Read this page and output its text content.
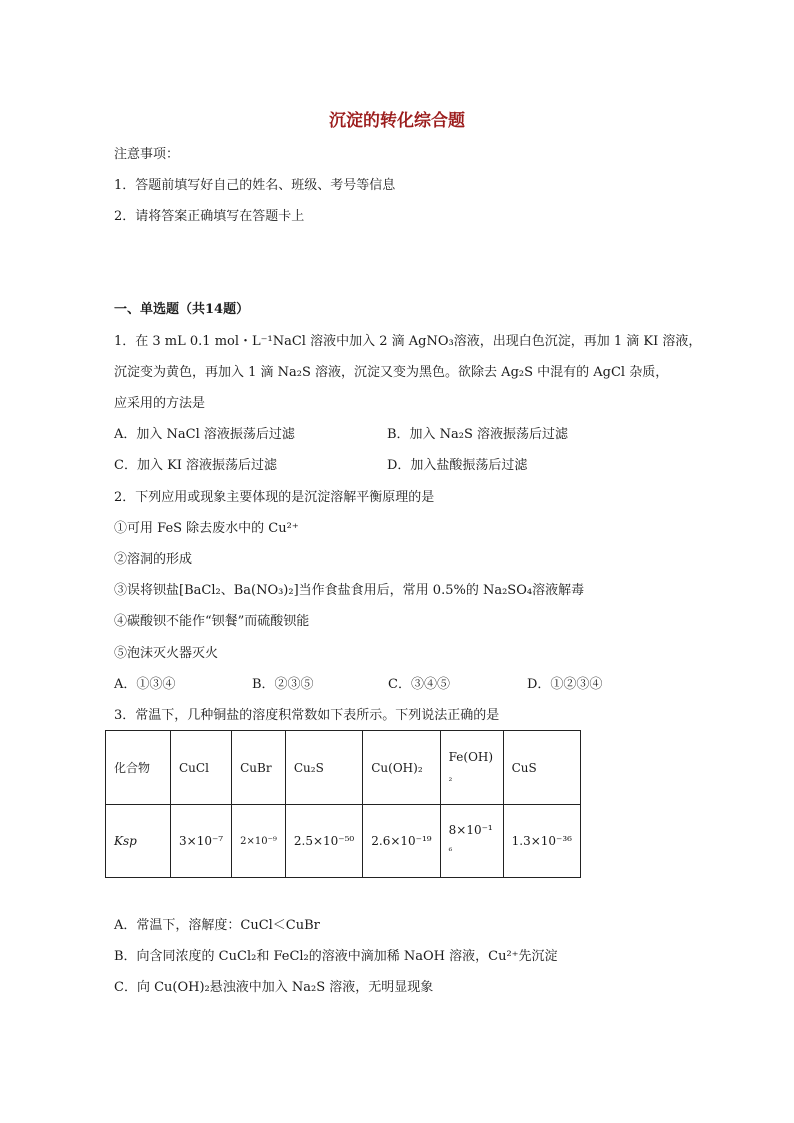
沉淀的转化综合题
注意事项：
1．答题前填写好自己的姓名、班级、考号等信息
2．请将答案正确填写在答题卡上
一、单选题（共14题）
1．在 3 mL 0.1 mol・L⁻¹NaCl 溶液中加入 2 滴 AgNO₃溶液，出现白色沉淀，再加 1 滴 KI 溶液，
沉淀变为黄色，再加入 1 滴 Na₂S 溶液，沉淀又变为黑色。欲除去 Ag₂S 中混有的 AgCl 杂质，
应采用的方法是
A．加入 NaCl 溶液振荡后过滤	B．加入 Na₂S 溶液振荡后过滤
C．加入 KI 溶液振荡后过滤	D．加入盐酸振荡后过滤
2．下列应用或现象主要体现的是沉淀溶解平衡原理的是
①可用 FeS 除去废水中的 Cu²⁺
②溶洞的形成
③误将钡盐[BaCl₂、Ba(NO₃)₂]当作食盐食用后，常用 0.5%的 Na₂SO₄溶液解毒
④碳酸钡不能作“钡餐”而硫酸钡能
⑤泡沫灭火器灭火
A．①③④	B．②③⑤	C．③④⑤	D．①②③④
3．常温下，几种铜盐的溶度积常数如下表所示。下列说法正确的是
化合物	CuCl	CuBr	Cu₂S	Cu(OH)₂	Fe(OH)
₂	CuS
Ksp	3×10⁻⁷	2×10⁻⁹	2.5×10⁻⁵⁰	2.6×10⁻¹⁹	8×10⁻¹
⁶	1.3×10⁻³⁶
A．常温下，溶解度：CuCl＜CuBr
B．向含同浓度的 CuCl₂和 FeCl₂的溶液中滴加稀 NaOH 溶液，Cu²⁺先沉淀
C．向 Cu(OH)₂悬浊液中加入 Na₂S 溶液，无明显现象
